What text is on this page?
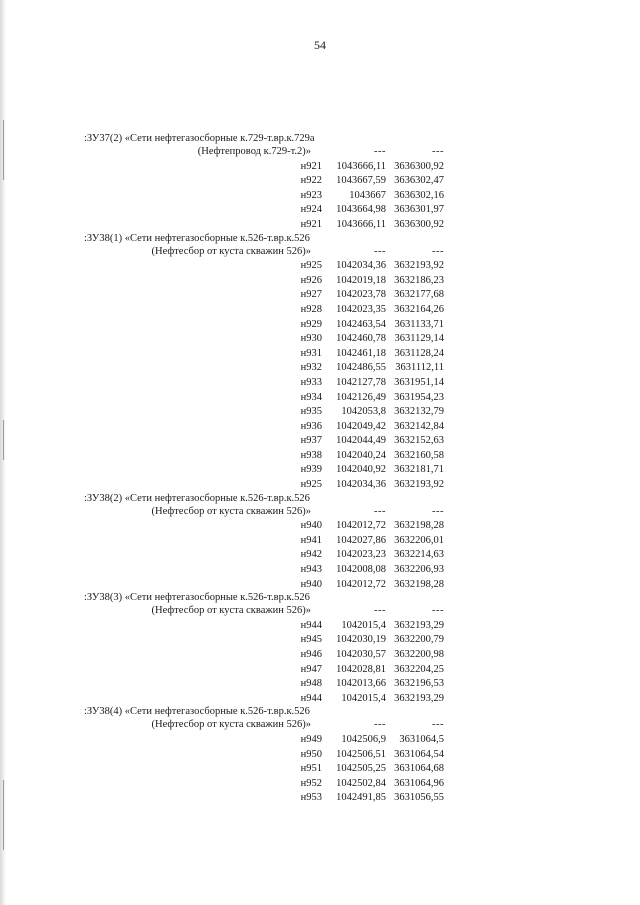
54
:ЗУ37(2) «Сети нефтегазосборные к.729-т.вр.к.729а
(Нефтепровод к.729-т.2)»	---	---
н921	1043666,11 3636300,92
н922	1043667,59 3636302,47
н923	1043667 3636302,16
н924	1043664,98 3636301,97
н921	1043666,11 3636300,92
:ЗУ38(1) «Сети нефтегазосборные к.526-т.вр.к.526
(Нефтесбор от куста скважин 526)»	---	---
н925	1042034,36 3632193,92
н926	1042019,18 3632186,23
н927	1042023,78 3632177,68
н928	1042023,35 3632164,26
н929	1042463,54 3631133,71
н930	1042460,78 3631129,14
н931	1042461,18 3631128,24
н932	1042486,55 3631112,11
н933	1042127,78 3631951,14
н934	1042126,49 3631954,23
н935	1042053,8 3632132,79
н936	1042049,42 3632142,84
н937	1042044,49 3632152,63
н938	1042040,24 3632160,58
н939	1042040,92 3632181,71
н925	1042034,36 3632193,92
:ЗУ38(2) «Сети нефтегазосборные к.526-т.вр.к.526
(Нефтесбор от куста скважин 526)»	---	---
н940	1042012,72 3632198,28
н941	1042027,86 3632206,01
н942	1042023,23 3632214,63
н943	1042008,08 3632206,93
н940	1042012,72 3632198,28
:ЗУ38(3) «Сети нефтегазосборные к.526-т.вр.к.526
(Нефтесбор от куста скважин 526)»	---	---
н944	1042015,4 3632193,29
н945	1042030,19 3632200,79
н946	1042030,57 3632200,98
н947	1042028,81 3632204,25
н948	1042013,66 3632196,53
н944	1042015,4 3632193,29
:ЗУ38(4) «Сети нефтегазосборные к.526-т.вр.к.526
(Нефтесбор от куста скважин 526)»	---	---
н949	1042506,9	3631064,5
н950	1042506,51 3631064,54
н951	1042505,25 3631064,68
н952	1042502,84 3631064,96
н953	1042491,85 3631056,55
